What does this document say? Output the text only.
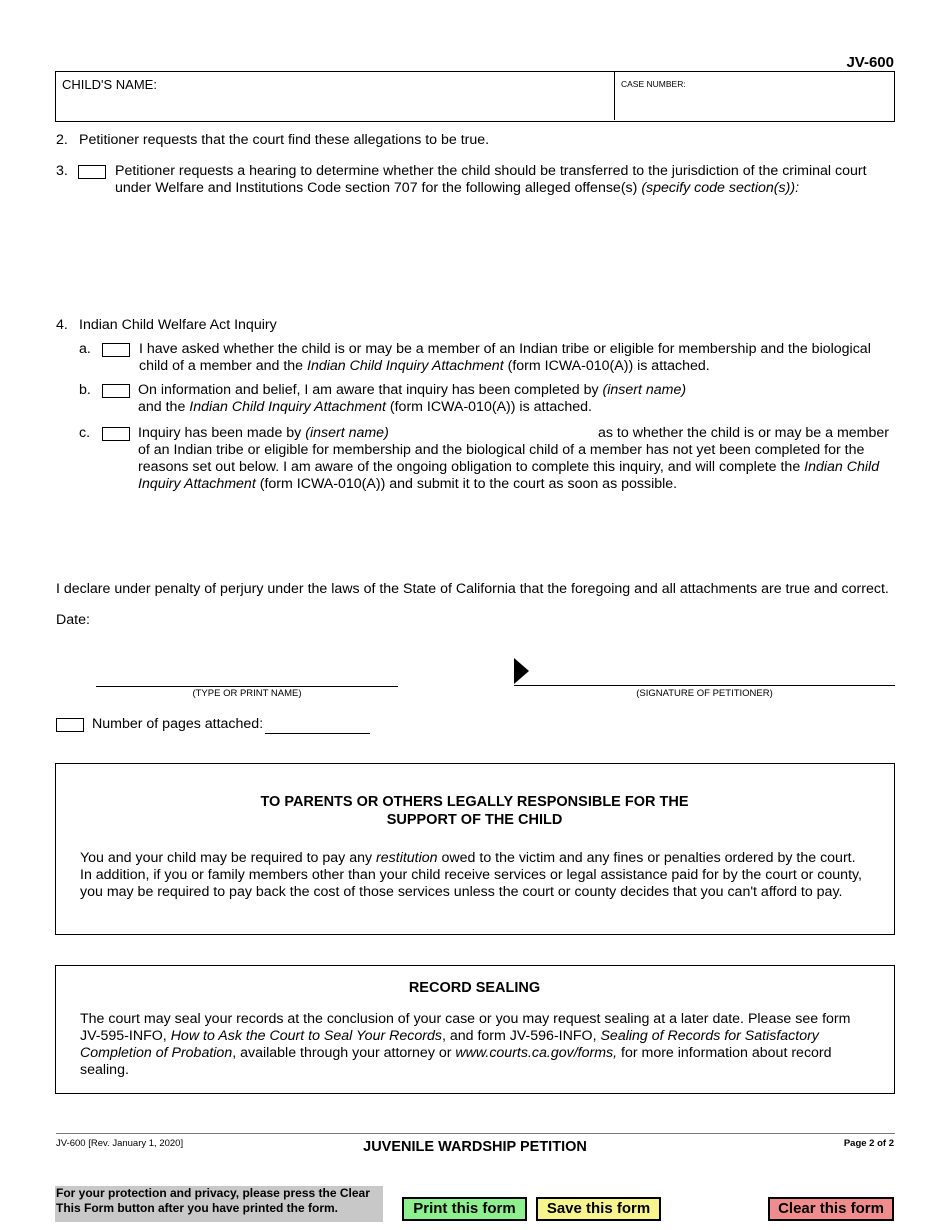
JV-600
CHILD'S NAME:	CASE NUMBER:
2. Petitioner requests that the court find these allegations to be true.
3.	Petitioner requests a hearing to determine whether the child should be transferred to the jurisdiction of the criminal court under Welfare and Institutions Code section 707 for the following alleged offense(s) (specify code section(s)):
4. Indian Child Welfare Act Inquiry
a.	I have asked whether the child is or may be a member of an Indian tribe or eligible for membership and the biological child of a member and the Indian Child Inquiry Attachment (form ICWA-010(A)) is attached.
b.	On information and belief, I am aware that inquiry has been completed by (insert name)
and the Indian Child Inquiry Attachment (form ICWA-010(A)) is attached.
c.	Inquiry has been made by (insert name)	as to whether the child is or may be a member
of an Indian tribe or eligible for membership and the biological child of a member has not yet been completed for the reasons set out below. I am aware of the ongoing obligation to complete this inquiry, and will complete the Indian Child Inquiry Attachment (form ICWA-010(A)) and submit it to the court as soon as possible.
I declare under penalty of perjury under the laws of the State of California that the foregoing and all attachments are true and correct.
Date:
(TYPE OR PRINT NAME)	(SIGNATURE OF PETITIONER)
Number of pages attached:
TO PARENTS OR OTHERS LEGALLY RESPONSIBLE FOR THE
SUPPORT OF THE CHILD
You and your child may be required to pay any restitution owed to the victim and any fines or penalties ordered by the court. In addition, if you or family members other than your child receive services or legal assistance paid for by the court or county, you may be required to pay back the cost of those services unless the court or county decides that you can't afford to pay.
RECORD SEALING
The court may seal your records at the conclusion of your case or you may request sealing at a later date. Please see form JV-595-INFO, How to Ask the Court to Seal Your Records, and form JV-596-INFO, Sealing of Records for Satisfactory Completion of Probation, available through your attorney or www.courts.ca.gov/forms, for more information about record sealing.
JV-600 [Rev. January 1, 2020]	JUVENILE WARDSHIP PETITION	Page 2 of 2
For your protection and privacy, please press the Clear This Form button after you have printed the form.	Print this form	Save this form	Clear this form
